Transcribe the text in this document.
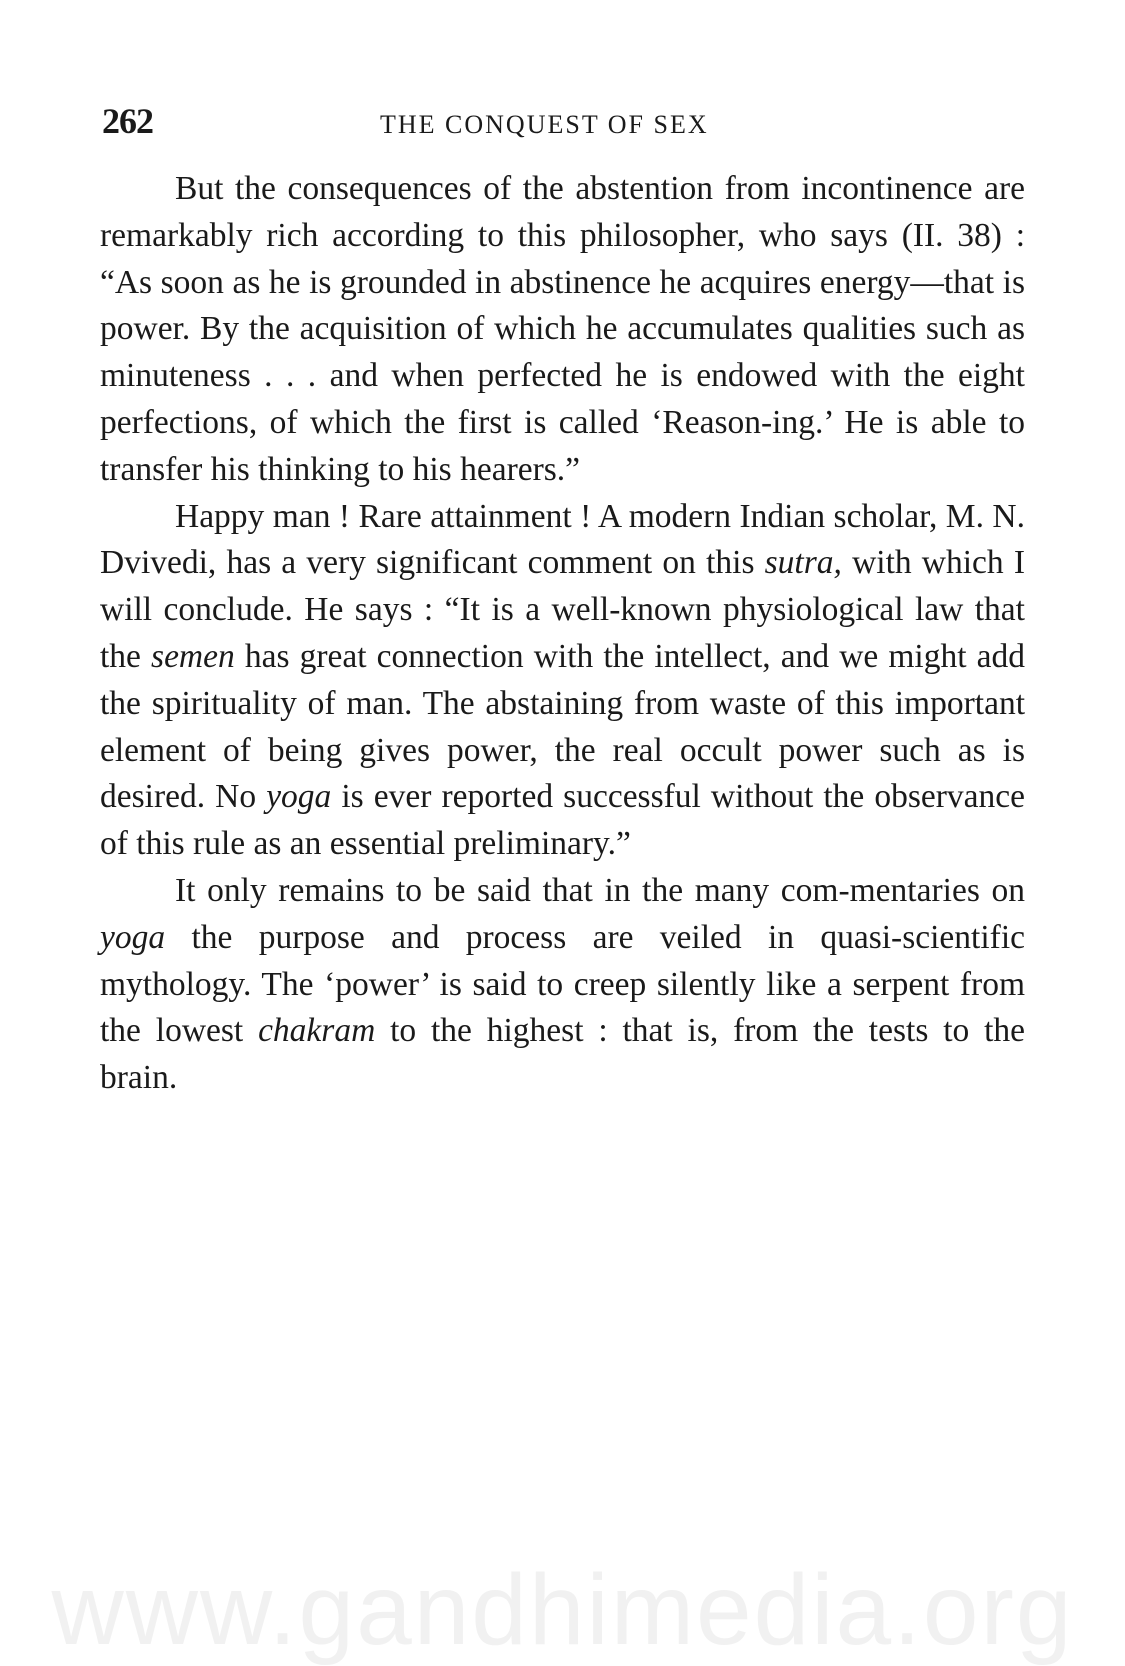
262	THE CONQUEST OF SEX

But the consequences of the abstention from incontinence are remarkably rich according to this philosopher, who says (II. 38) : “As soon as he is grounded in abstinence he acquires energy—that is power. By the acquisition of which he accumulates qualities such as minuteness . . . and when perfected he is endowed with the eight perfections, of which the first is called ‘Reason-ing.’ He is able to transfer his thinking to his hearers.”

Happy man ! Rare attainment ! A modern Indian scholar, M. N. Dvivedi, has a very significant comment on this sutra, with which I will conclude. He says : “It is a well-known physiological law that the semen has great connection with the intellect, and we might add the spirituality of man. The abstaining from waste of this important element of being gives power, the real occult power such as is desired. No yoga is ever reported successful without the observance of this rule as an essential preliminary.”

It only remains to be said that in the many com-mentaries on yoga the purpose and process are veiled in quasi-scientific mythology. The ‘power’ is said to creep silently like a serpent from the lowest chakram to the highest : that is, from the tests to the brain.

www.gandhimedia.org
